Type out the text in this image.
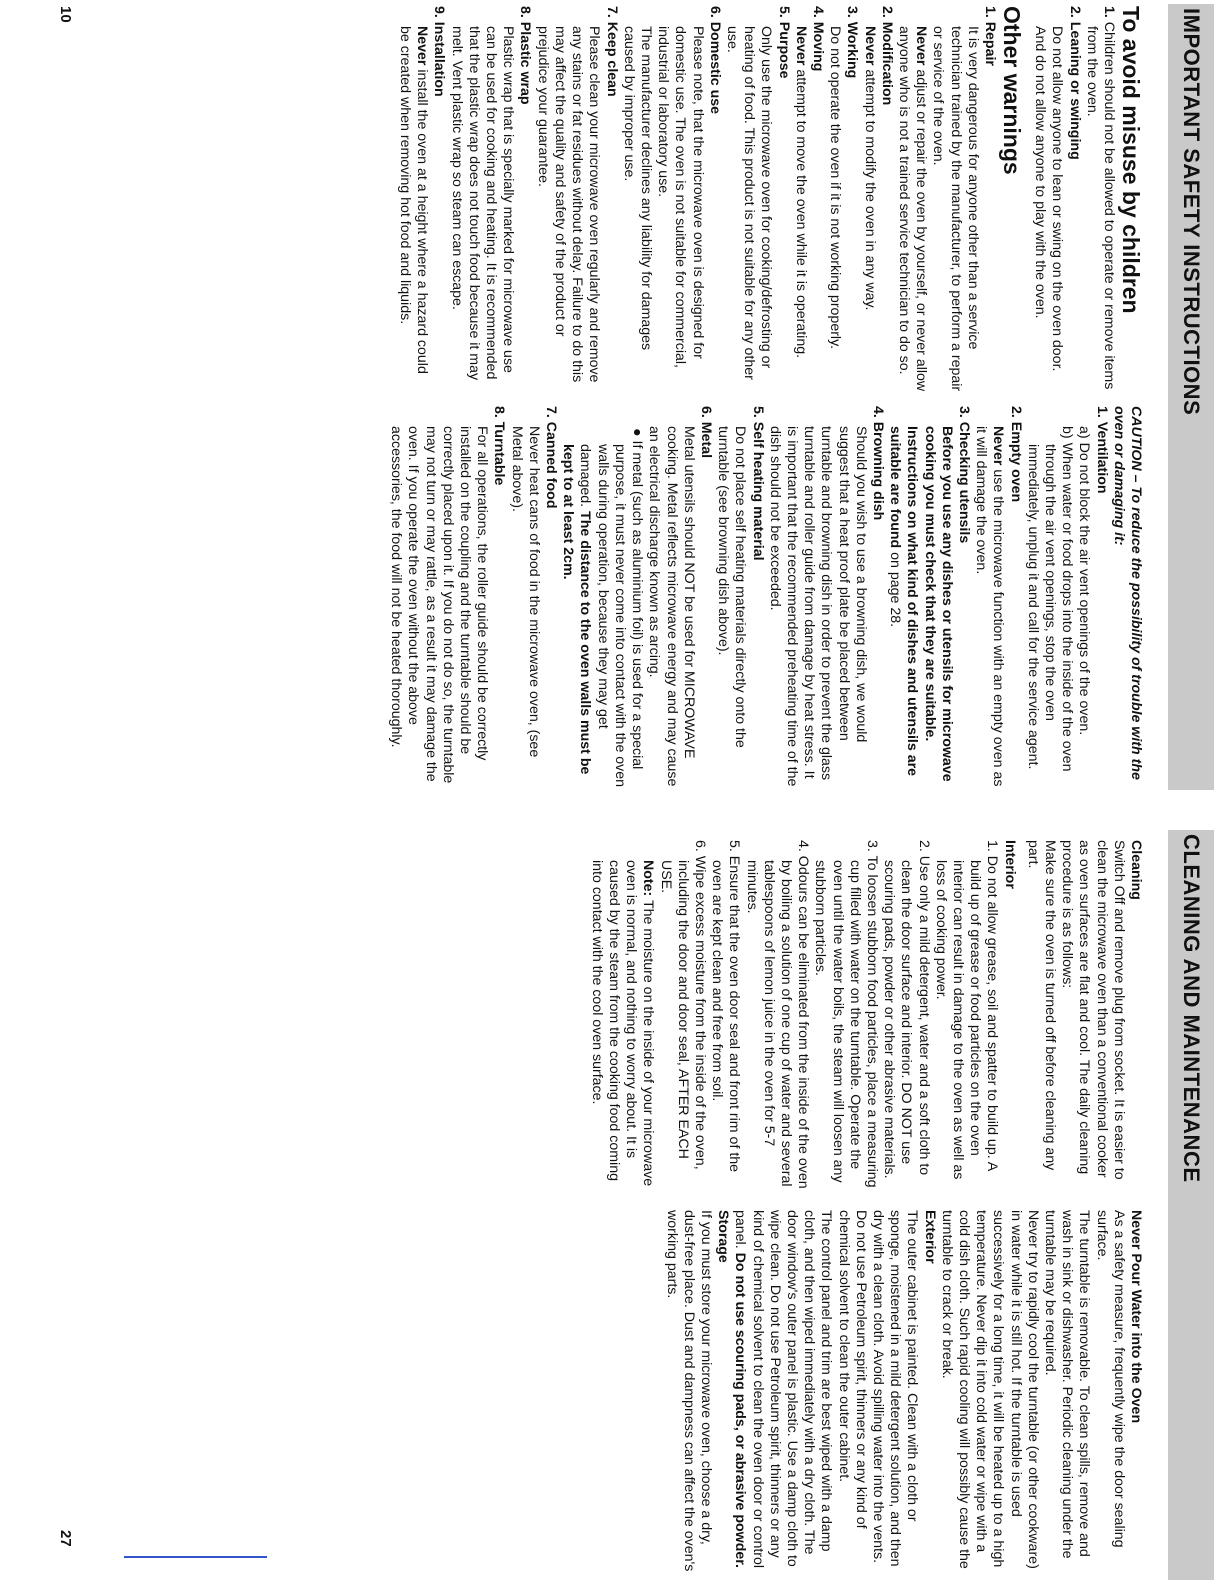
IMPORTANT SAFETY INSTRUCTIONS

To avoid misuse by children

1. Children should not be allowed to operate or remove items from the oven.

2. Leaning or swinging

Do not allow anyone to lean or swing on the oven door. And do not allow anyone to play with the oven.

Other warnings

1. Repair

It is very dangerous for anyone other than a service technician trained by the manufacturer, to perform a repair or service of the oven.

Never adjust or repair the oven by yourself, or never allow anyone who is not a trained service technician to do so.

2. Modification

Never attempt to modify the oven in any way.

3. Working

Do not operate the oven if it is not working properly.

4. Moving

Never attempt to move the oven while it is operating.

5. Purpose

Only use the microwave oven for cooking/defrosting or heating of food. This product is not suitable for any other use.

6. Domestic use

Please note, that the microwave oven is designed for domestic use. The oven is not suitable for commercial, industrial or laboratory use.

The manufacturer declines any liability for damages caused by improper use.

7. Keep clean

Please clean your microwave oven regularly and remove any stains or fat residues without delay. Failure to do this may affect the quality and safety of the product or prejudice your guarantee.

8. Plastic wrap

Plastic wrap that is specially marked for microwave use can be used for cooking and heating. It is recommended that the plastic wrap does not touch food because it may melt. Vent plastic wrap so steam can escape.

9. Installation

Never install the oven at a height where a hazard could be created when removing hot food and liquids.

CAUTION – To reduce the possibility of trouble with the oven or damaging it:

1. Ventilation

a) Do not block the air vent openings of the oven.

b) When water or food drops into the inside of the oven through the air vent openings, stop the oven immediately, unplug it and call for the service agent.

2. Empty oven

Never use the microwave function with an empty oven as it will damage the oven.

3. Checking utensils

Before you use any dishes or utensils for microwave cooking you must check that they are suitable. Instructions on what kind of dishes and utensils are suitable are found on page 28.

4. Browning dish

Should you wish to use a browning dish, we would suggest that a heat proof plate be placed between turntable and browning dish in order to prevent the glass turntable and roller guide from damage by heat stress. It is important that the recommended preheating time of the dish should not be exceeded.

5. Self heating material

Do not place self heating materials directly onto the turntable (see browning dish above).

6. Metal

Metal utensils should NOT be used for MICROWAVE cooking. Metal reflects microwave energy and may cause an electrical discharge known as arcing.

● If metal (such as aluminium foil) is used for a special purpose, it must never come into contact with the oven walls during operation, because they may get damaged. The distance to the oven walls must be kept to at least 2cm.

7. Canned food

Never heat cans of food in the microwave oven, (see Metal above).

8. Turntable

For all operations, the roller guide should be correctly installed on the coupling and the turntable should be correctly placed upon it. If you do not do so, the turntable may not turn or may rattle, as a result it may damage the oven. If you operate the oven without the above accessories, the food will not be heated thoroughly.

10
CLEANING AND MAINTENANCE

Cleaning

Switch Off and remove plug from socket. It is easier to clean the microwave oven than a conventional cooker as oven surfaces are flat and cool. The daily cleaning procedure is as follows:

Make sure the oven is turned off before cleaning any part.

Interior

1. Do not allow grease, soil and spatter to build up. A build up of grease or food particles on the oven interior can result in damage to the oven as well as loss of cooking power.

2. Use only a mild detergent, water and a soft cloth to clean the door surface and interior. DO NOT use scouring pads, powder or other abrasive materials.

3. To loosen stubborn food particles, place a measuring cup filled with water on the turntable. Operate the oven until the water boils, the steam will loosen any stubborn particles.

4. Odours can be eliminated from the inside of the oven by boiling a solution of one cup of water and several tablespoons of lemon juice in the oven for 5-7 minutes.

5. Ensure that the oven door seal and front rim of the oven are kept clean and free from soil.

6. Wipe excess moisture from the inside of the oven, including the door and door seal, AFTER EACH USE.

Note: The moisture on the inside of your microwave oven is normal, and nothing to worry about. It is caused by the steam from the cooking food coming into contact with the cool oven surface.

Never Pour Water into the Oven

As a safety measure, frequently wipe the door sealing surface.

The turntable is removable. To clean spills, remove and wash in sink or dishwasher. Periodic cleaning under the turntable may be required.

Never try to rapidly cool the turntable (or other cookware) in water while it is still hot. If the turntable is used successively for a long time, it will be heated up to a high temperature. Never dip it into cold water or wipe with a cold dish cloth. Such rapid cooling will possibly cause the turntable to crack or break.

Exterior

The outer cabinet is painted. Clean with a cloth or sponge, moistened in a mild detergent solution, and then dry with a clean cloth. Avoid spilling water into the vents. Do not use Petroleum spirit, thinners or any kind of chemical solvent to clean the outer cabinet.

The control panel and trim are best wiped with a damp cloth, and then wiped immediately with a dry cloth. The door window's outer panel is plastic. Use a damp cloth to wipe clean. Do not use Petroleum spirit, thinners or any kind of chemical solvent to clean the oven door or control panel. Do not use scouring pads, or abrasive powder.

Storage

If you must store your microwave oven, choose a dry, dust-free place. Dust and dampness can affect the oven's working parts.

27
